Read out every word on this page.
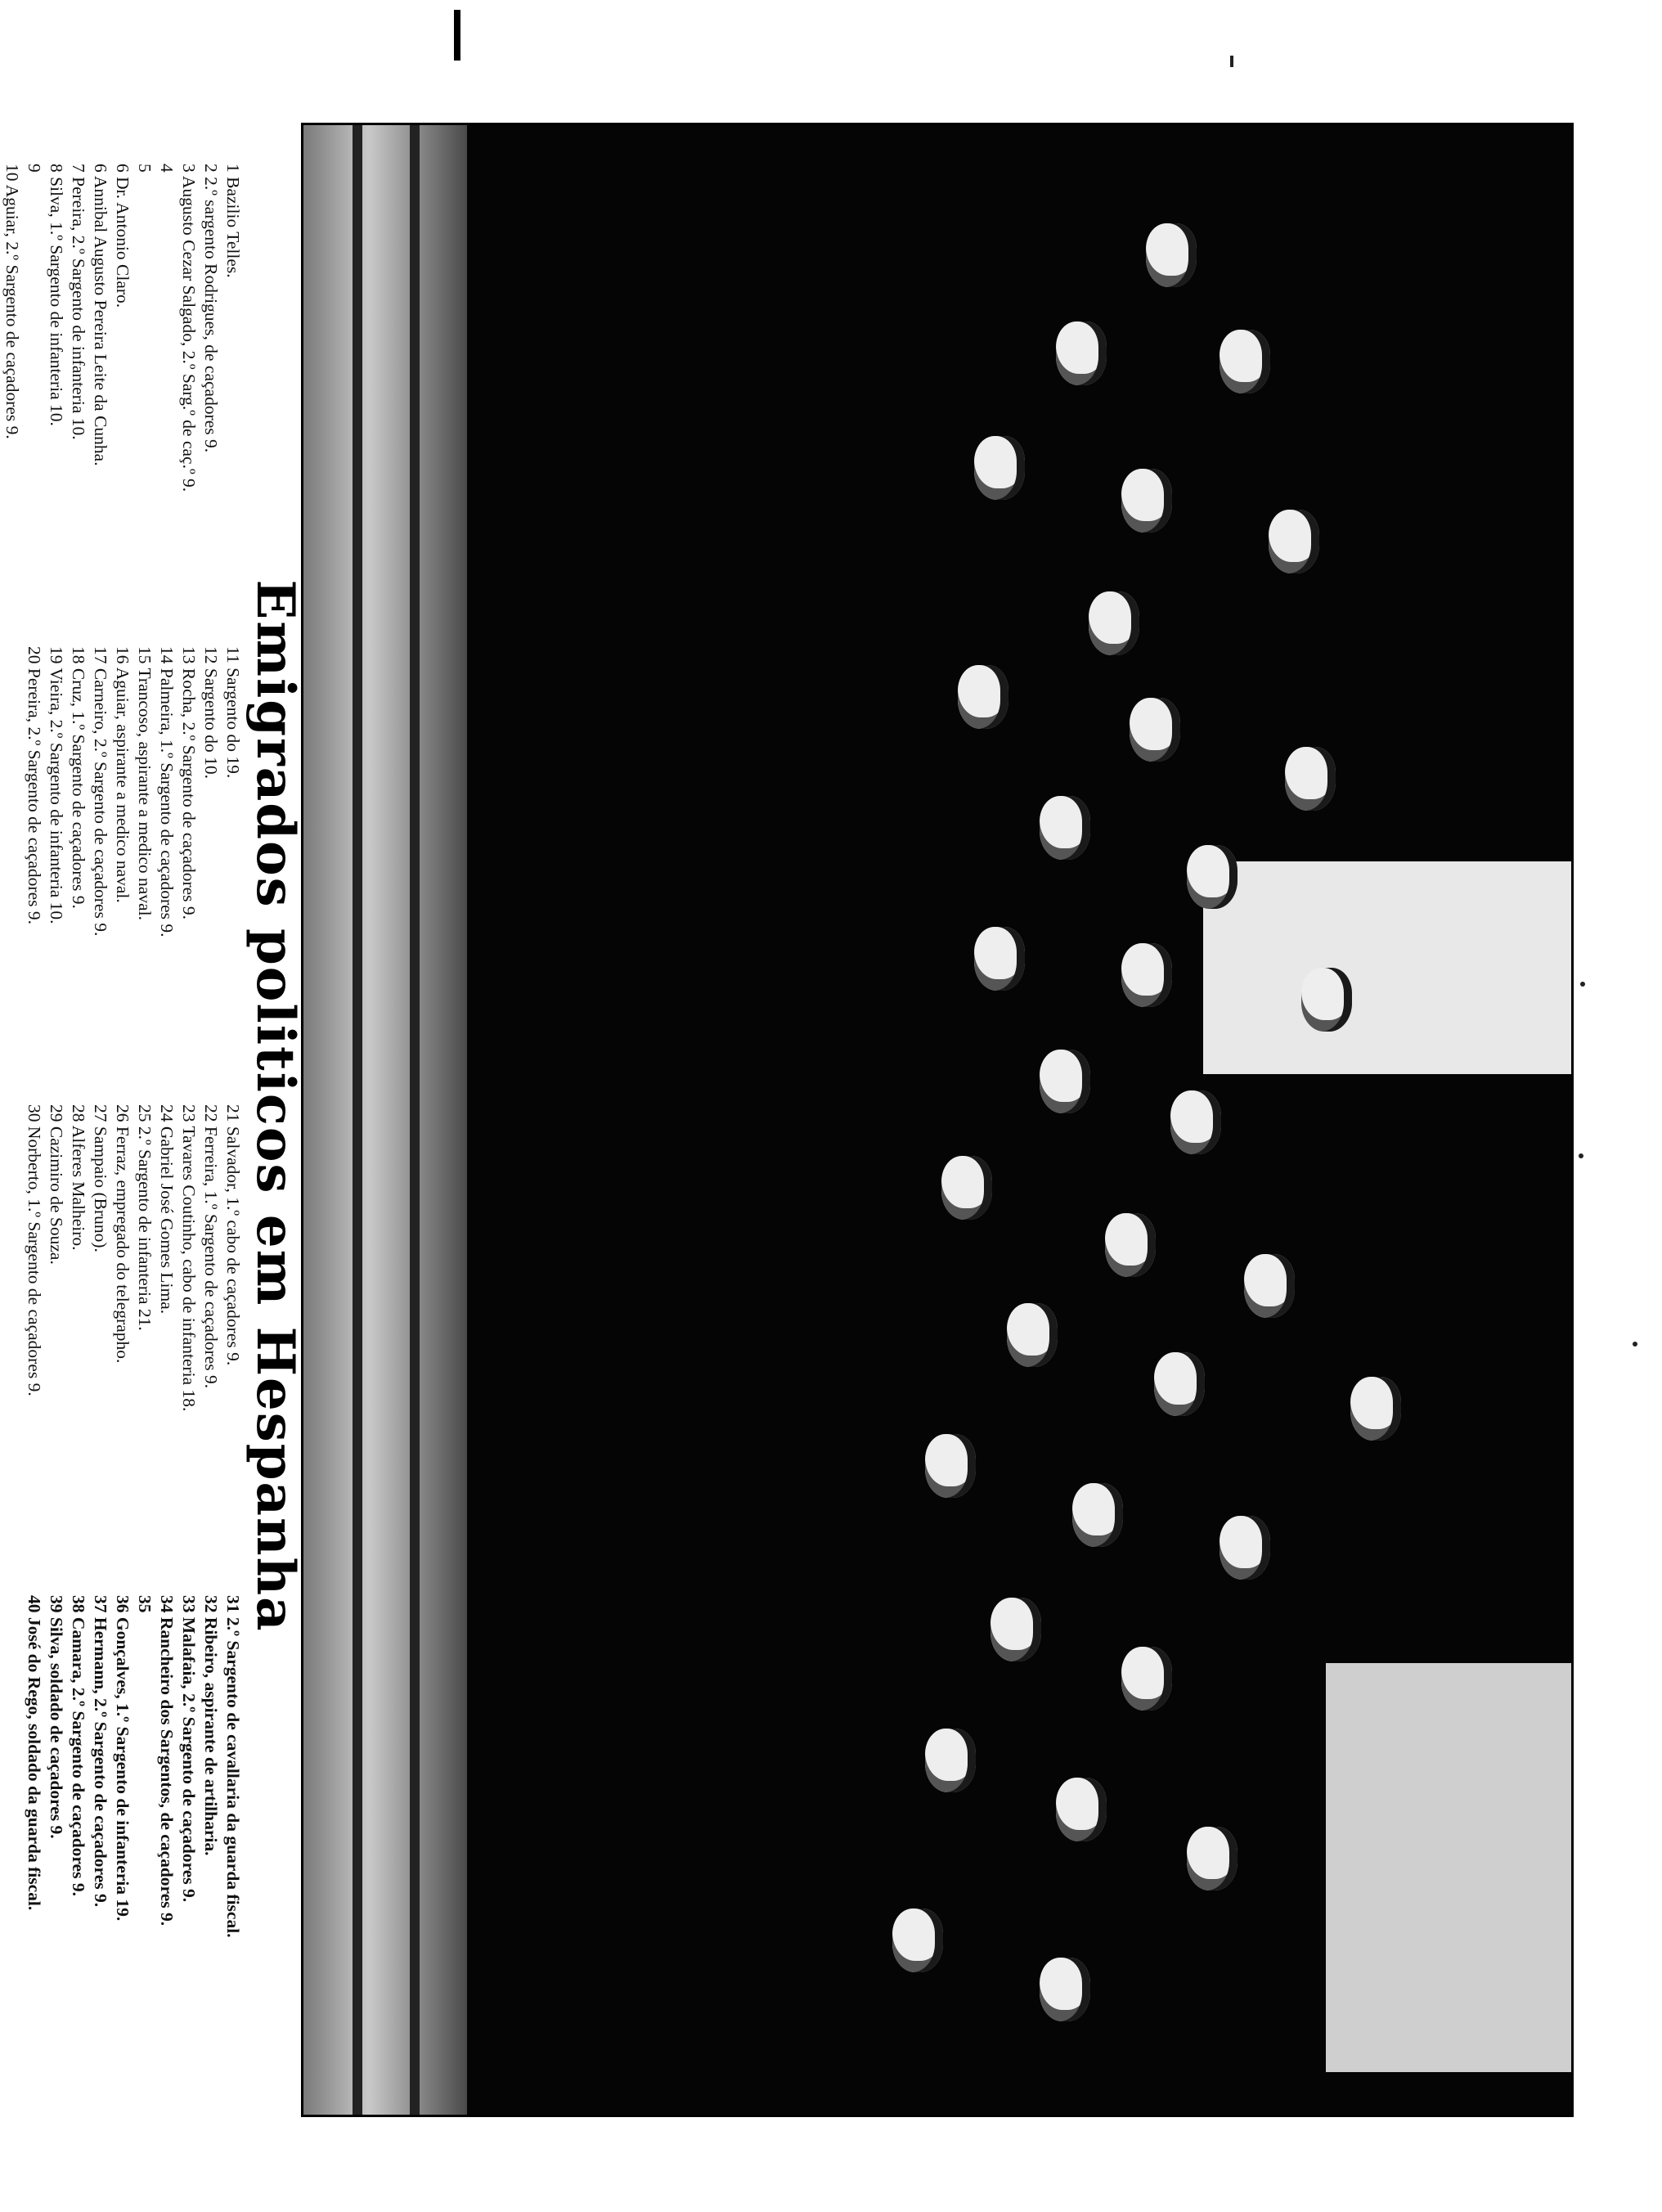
Emigrados politicos em Hespanha
1 Bazilio Telles.
2 2.º sargento Rodrigues, de caçadores 9.
3 Augusto Cezar Salgado, 2.º Sarg.º de caç.º 9.
4
5
6 Dr. Antonio Claro.
6 Annibal Augusto Pereira Leite da Cunha.
7 Pereira, 2.º Sargento de infanteria 10.
8 Silva, 1.º Sargento de infanteria 10.
9
10 Aguiar, 2.º Sargento de caçadores 9.
11 Sargento do 19.
12 Sargento do 10.
13 Rocha, 2.º Sargento de caçadores 9.
14 Palmeira, 1.º Sargento de caçadores 9.
15 Trancoso, aspirante a medico naval.
16 Aguiar, aspirante a medico naval.
17 Carneiro, 2.º Sargento de caçadores 9.
18 Cruz, 1.º Sargento de caçadores 9.
19 Vieira, 2.º Sargento de infanteria 10.
20 Pereira, 2.º Sargento de caçadores 9.
21 Salvador, 1.º cabo de caçadores 9.
22 Ferreira, 1.º Sargento de caçadores 9.
23 Tavares Coutinho, cabo de infanteria 18.
24 Gabriel José Gomes Lima.
25 2.º Sargento de infanteria 21.
26 Ferraz, empregado do telegrapho.
27 Sampaio (Bruno).
28 Alferes Malheiro.
29 Cazimiro de Souza.
30 Norberto, 1.º Sargento de caçadores 9.
31 2.º Sargento de cavallaria da guarda fiscal.
32 Ribeiro, aspirante de artilharia.
33 Malafaia, 2.º Sargento de caçadores 9.
34 Rancheiro dos Sargentos, de caçadores 9.
35
36 Gonçalves, 1.º Sargento de infanteria 19.
37 Hermann, 2.º Sargento de caçadores 9.
38 Camara, 2.º Sargento de caçadores 9.
39 Silva, soldado de caçadores 9.
40 José do Rego, soldado da guarda fiscal.
